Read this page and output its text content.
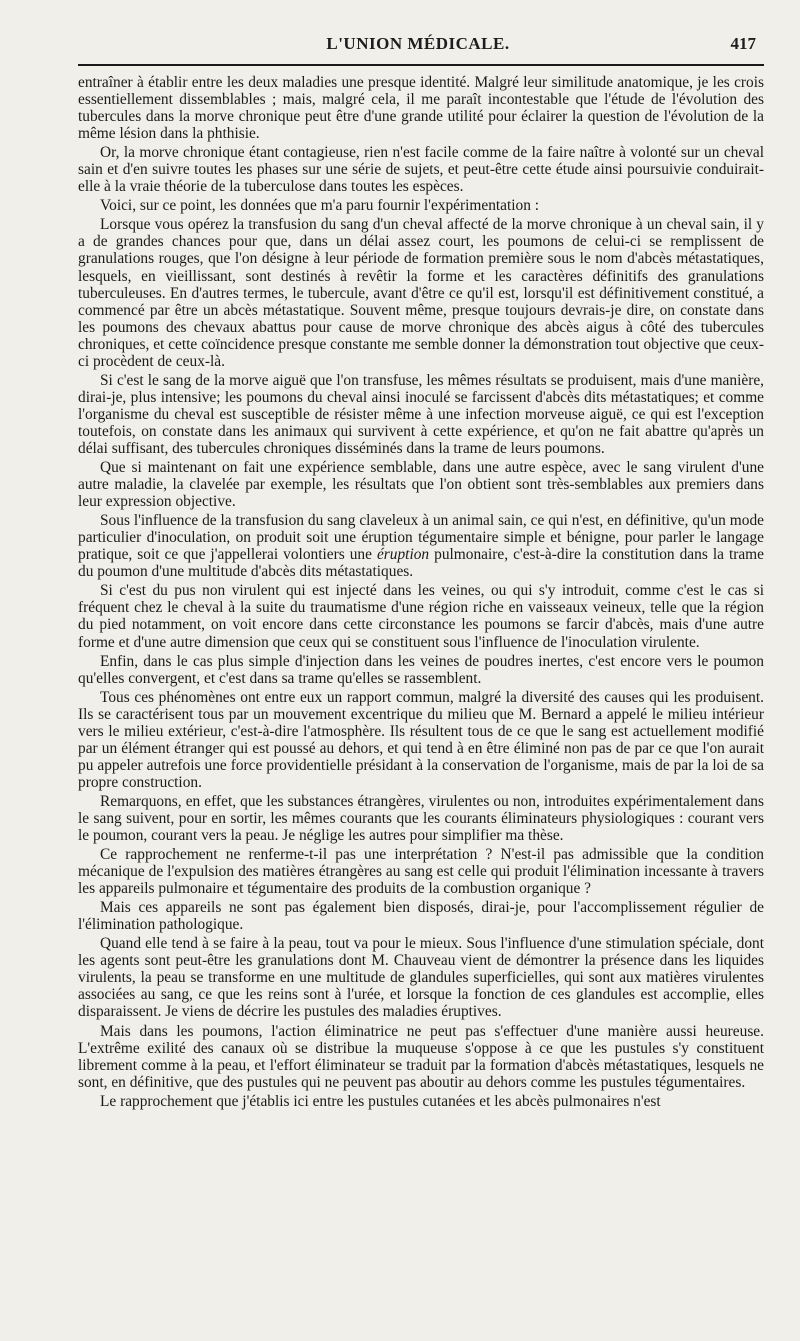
L'UNION MÉDICALE.	417

entraîner à établir entre les deux maladies une presque identité. Malgré leur similitude anatomique, je les crois essentiellement dissemblables ; mais, malgré cela, il me paraît incontestable que l'étude de l'évolution des tubercules dans la morve chronique peut être d'une grande utilité pour éclairer la question de l'évolution de la même lésion dans la phthisie.

Or, la morve chronique étant contagieuse, rien n'est facile comme de la faire naître à volonté sur un cheval sain et d'en suivre toutes les phases sur une série de sujets, et peut-être cette étude ainsi poursuivie conduirait-elle à la vraie théorie de la tuberculose dans toutes les espèces.

Voici, sur ce point, les données que m'a paru fournir l'expérimentation :

Lorsque vous opérez la transfusion du sang d'un cheval affecté de la morve chronique à un cheval sain, il y a de grandes chances pour que, dans un délai assez court, les poumons de celui-ci se remplissent de granulations rouges, que l'on désigne à leur période de formation première sous le nom d'abcès métastatiques, lesquels, en vieillissant, sont destinés à revêtir la forme et les caractères définitifs des granulations tuberculeuses. En d'autres termes, le tubercule, avant d'être ce qu'il est, lorsqu'il est définitivement constitué, a commencé par être un abcès métastatique. Souvent même, presque toujours devrais-je dire, on constate dans les poumons des chevaux abattus pour cause de morve chronique des abcès aigus à côté des tubercules chroniques, et cette coïncidence presque constante me semble donner la démonstration tout objective que ceux-ci procèdent de ceux-là.

Si c'est le sang de la morve aiguë que l'on transfuse, les mêmes résultats se produisent, mais d'une manière, dirai-je, plus intensive; les poumons du cheval ainsi inoculé se farcissent d'abcès dits métastatiques; et comme l'organisme du cheval est susceptible de résister même à une infection morveuse aiguë, ce qui est l'exception toutefois, on constate dans les animaux qui survivent à cette expérience, et qu'on ne fait abattre qu'après un délai suffisant, des tubercules chroniques disséminés dans la trame de leurs poumons.

Que si maintenant on fait une expérience semblable, dans une autre espèce, avec le sang virulent d'une autre maladie, la clavelée par exemple, les résultats que l'on obtient sont très-semblables aux premiers dans leur expression objective.

Sous l'influence de la transfusion du sang claveleux à un animal sain, ce qui n'est, en définitive, qu'un mode particulier d'inoculation, on produit soit une éruption tégumentaire simple et bénigne, pour parler le langage pratique, soit ce que j'appellerai volontiers une éruption pulmonaire, c'est-à-dire la constitution dans la trame du poumon d'une multitude d'abcès dits métastatiques.

Si c'est du pus non virulent qui est injecté dans les veines, ou qui s'y introduit, comme c'est le cas si fréquent chez le cheval à la suite du traumatisme d'une région riche en vaisseaux veineux, telle que la région du pied notamment, on voit encore dans cette circonstance les poumons se farcir d'abcès, mais d'une autre forme et d'une autre dimension que ceux qui se constituent sous l'influence de l'inoculation virulente.

Enfin, dans le cas plus simple d'injection dans les veines de poudres inertes, c'est encore vers le poumon qu'elles convergent, et c'est dans sa trame qu'elles se rassemblent.

Tous ces phénomènes ont entre eux un rapport commun, malgré la diversité des causes qui les produisent. Ils se caractérisent tous par un mouvement excentrique du milieu que M. Bernard a appelé le milieu intérieur vers le milieu extérieur, c'est-à-dire l'atmosphère. Ils résultent tous de ce que le sang est actuellement modifié par un élément étranger qui est poussé au dehors, et qui tend à en être éliminé non pas de par ce que l'on aurait pu appeler autrefois une force providentielle présidant à la conservation de l'organisme, mais de par la loi de sa propre construction.

Remarquons, en effet, que les substances étrangères, virulentes ou non, introduites expérimentalement dans le sang suivent, pour en sortir, les mêmes courants que les courants éliminateurs physiologiques : courant vers le poumon, courant vers la peau. Je néglige les autres pour simplifier ma thèse.

Ce rapprochement ne renferme-t-il pas une interprétation ? N'est-il pas admissible que la condition mécanique de l'expulsion des matières étrangères au sang est celle qui produit l'élimination incessante à travers les appareils pulmonaire et tégumentaire des produits de la combustion organique ?

Mais ces appareils ne sont pas également bien disposés, dirai-je, pour l'accomplissement régulier de l'élimination pathologique.

Quand elle tend à se faire à la peau, tout va pour le mieux. Sous l'influence d'une stimulation spéciale, dont les agents sont peut-être les granulations dont M. Chauveau vient de démontrer la présence dans les liquides virulents, la peau se transforme en une multitude de glandules superficielles, qui sont aux matières virulentes associées au sang, ce que les reins sont à l'urée, et lorsque la fonction de ces glandules est accomplie, elles disparaissent. Je viens de décrire les pustules des maladies éruptives.

Mais dans les poumons, l'action éliminatrice ne peut pas s'effectuer d'une manière aussi heureuse. L'extrême exilité des canaux où se distribue la muqueuse s'oppose à ce que les pustules s'y constituent librement comme à la peau, et l'effort éliminateur se traduit par la formation d'abcès métastatiques, lesquels ne sont, en définitive, que des pustules qui ne peuvent pas aboutir au dehors comme les pustules tégumentaires.

Le rapprochement que j'établis ici entre les pustules cutanées et les abcès pulmonaires n'est
